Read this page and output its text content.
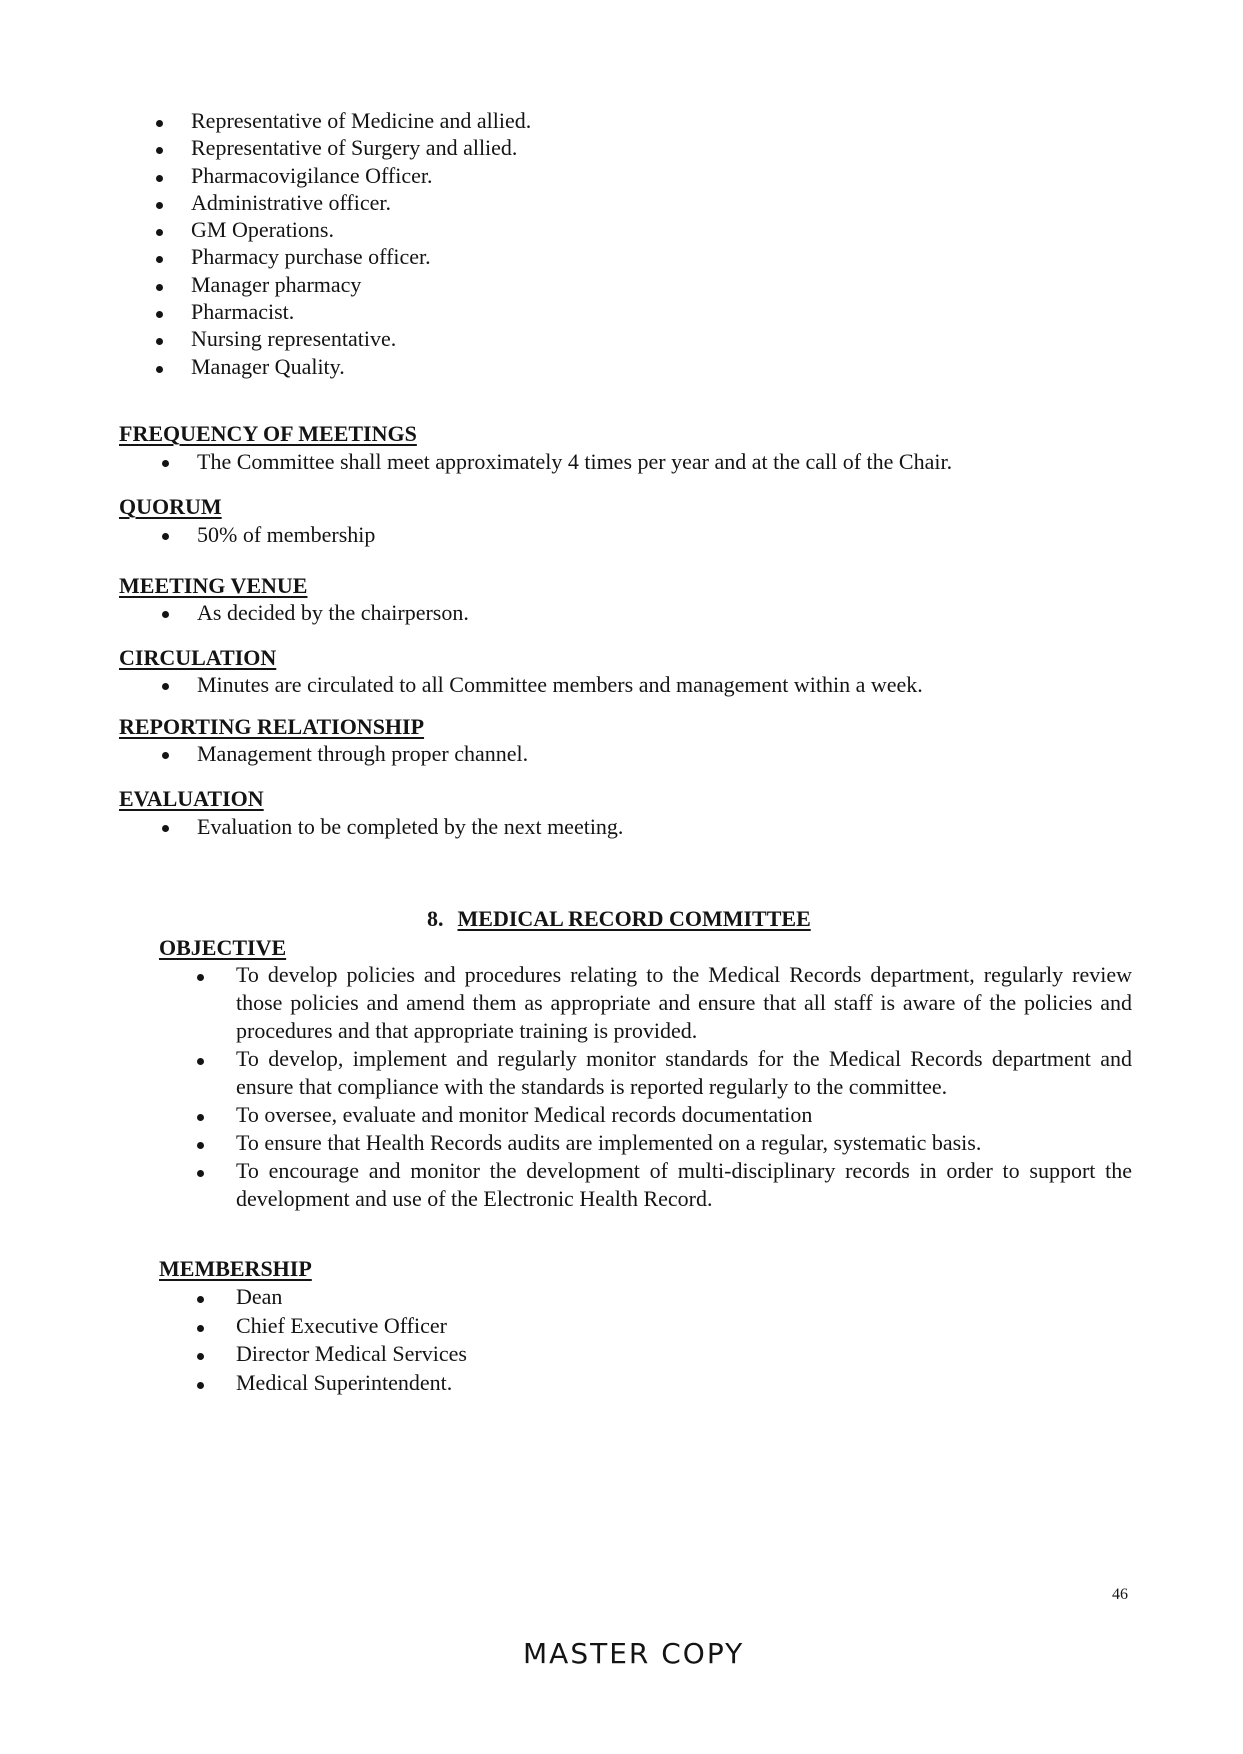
Representative of Medicine and allied.
Representative of Surgery and allied.
Pharmacovigilance Officer.
Administrative officer.
GM Operations.
Pharmacy purchase officer.
Manager pharmacy
Pharmacist.
Nursing representative.
Manager Quality.
FREQUENCY OF MEETINGS
The Committee shall meet approximately 4 times per year and at the call of the Chair.
QUORUM
50% of membership
MEETING VENUE
As decided by the chairperson.
CIRCULATION
Minutes are circulated to all Committee members and management within a week.
REPORTING RELATIONSHIP
Management through proper channel.
EVALUATION
Evaluation to be completed by the next meeting.
8. MEDICAL RECORD COMMITTEE
OBJECTIVE
To develop policies and procedures relating to the Medical Records department, regularly review those policies and amend them as appropriate and ensure that all staff is aware of the policies and procedures and that appropriate training is provided.
To develop, implement and regularly monitor standards for the Medical Records department and ensure that compliance with the standards is reported regularly to the committee.
To oversee, evaluate and monitor Medical records documentation
To ensure that Health Records audits are implemented on a regular, systematic basis.
To encourage and monitor the development of multi-disciplinary records in order to support the development and use of the Electronic Health Record.
MEMBERSHIP
Dean
Chief Executive Officer
Director Medical Services
Medical Superintendent.
46
MASTER COPY
